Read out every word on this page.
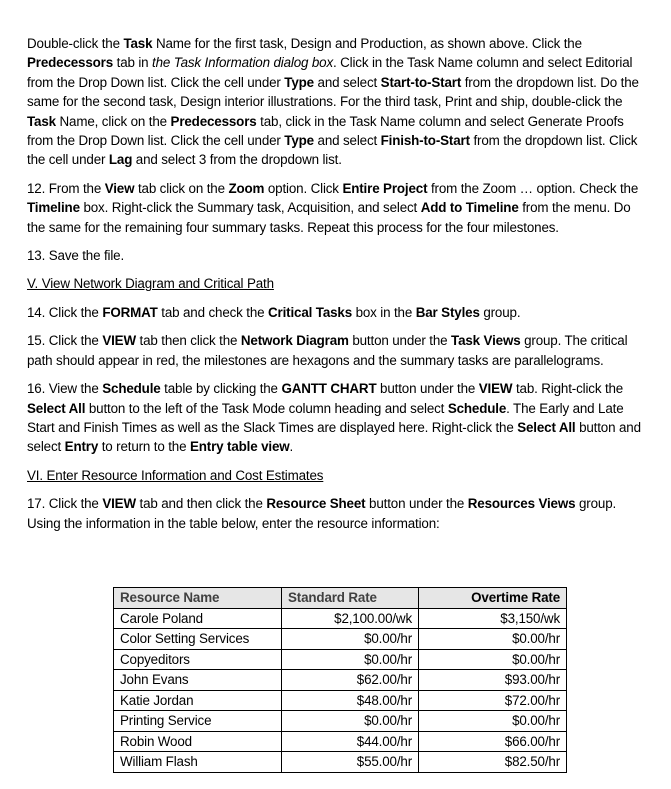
Double-click the Task Name for the first task, Design and Production, as shown above. Click the Predecessors tab in the Task Information dialog box. Click in the Task Name column and select Editorial from the Drop Down list. Click the cell under Type and select Start-to-Start from the dropdown list. Do the same for the second task, Design interior illustrations. For the third task, Print and ship, double-click the Task Name, click on the Predecessors tab, click in the Task Name column and select Generate Proofs from the Drop Down list. Click the cell under Type and select Finish-to-Start from the dropdown list. Click the cell under Lag and select 3 from the dropdown list.

12. From the View tab click on the Zoom option. Click Entire Project from the Zoom … option. Check the Timeline box. Right-click the Summary task, Acquisition, and select Add to Timeline from the menu. Do the same for the remaining four summary tasks. Repeat this process for the four milestones.

13. Save the file.

V. View Network Diagram and Critical Path

14. Click the FORMAT tab and check the Critical Tasks box in the Bar Styles group.

15. Click the VIEW tab then click the Network Diagram button under the Task Views group. The critical path should appear in red, the milestones are hexagons and the summary tasks are parallelograms.

16. View the Schedule table by clicking the GANTT CHART button under the VIEW tab. Right-click the Select All button to the left of the Task Mode column heading and select Schedule. The Early and Late Start and Finish Times as well as the Slack Times are displayed here. Right-click the Select All button and select Entry to return to the Entry table view.

VI. Enter Resource Information and Cost Estimates

17. Click the VIEW tab and then click the Resource Sheet button under the Resources Views group. Using the information in the table below, enter the resource information:

Resource Name	Standard Rate	Overtime Rate
Carole Poland	$2,100.00/wk	$3,150/wk
Color Setting Services	$0.00/hr	$0.00/hr
Copyeditors	$0.00/hr	$0.00/hr
John Evans	$62.00/hr	$93.00/hr
Katie Jordan	$48.00/hr	$72.00/hr
Printing Service	$0.00/hr	$0.00/hr
Robin Wood	$44.00/hr	$66.00/hr
William Flash	$55.00/hr	$82.50/hr
